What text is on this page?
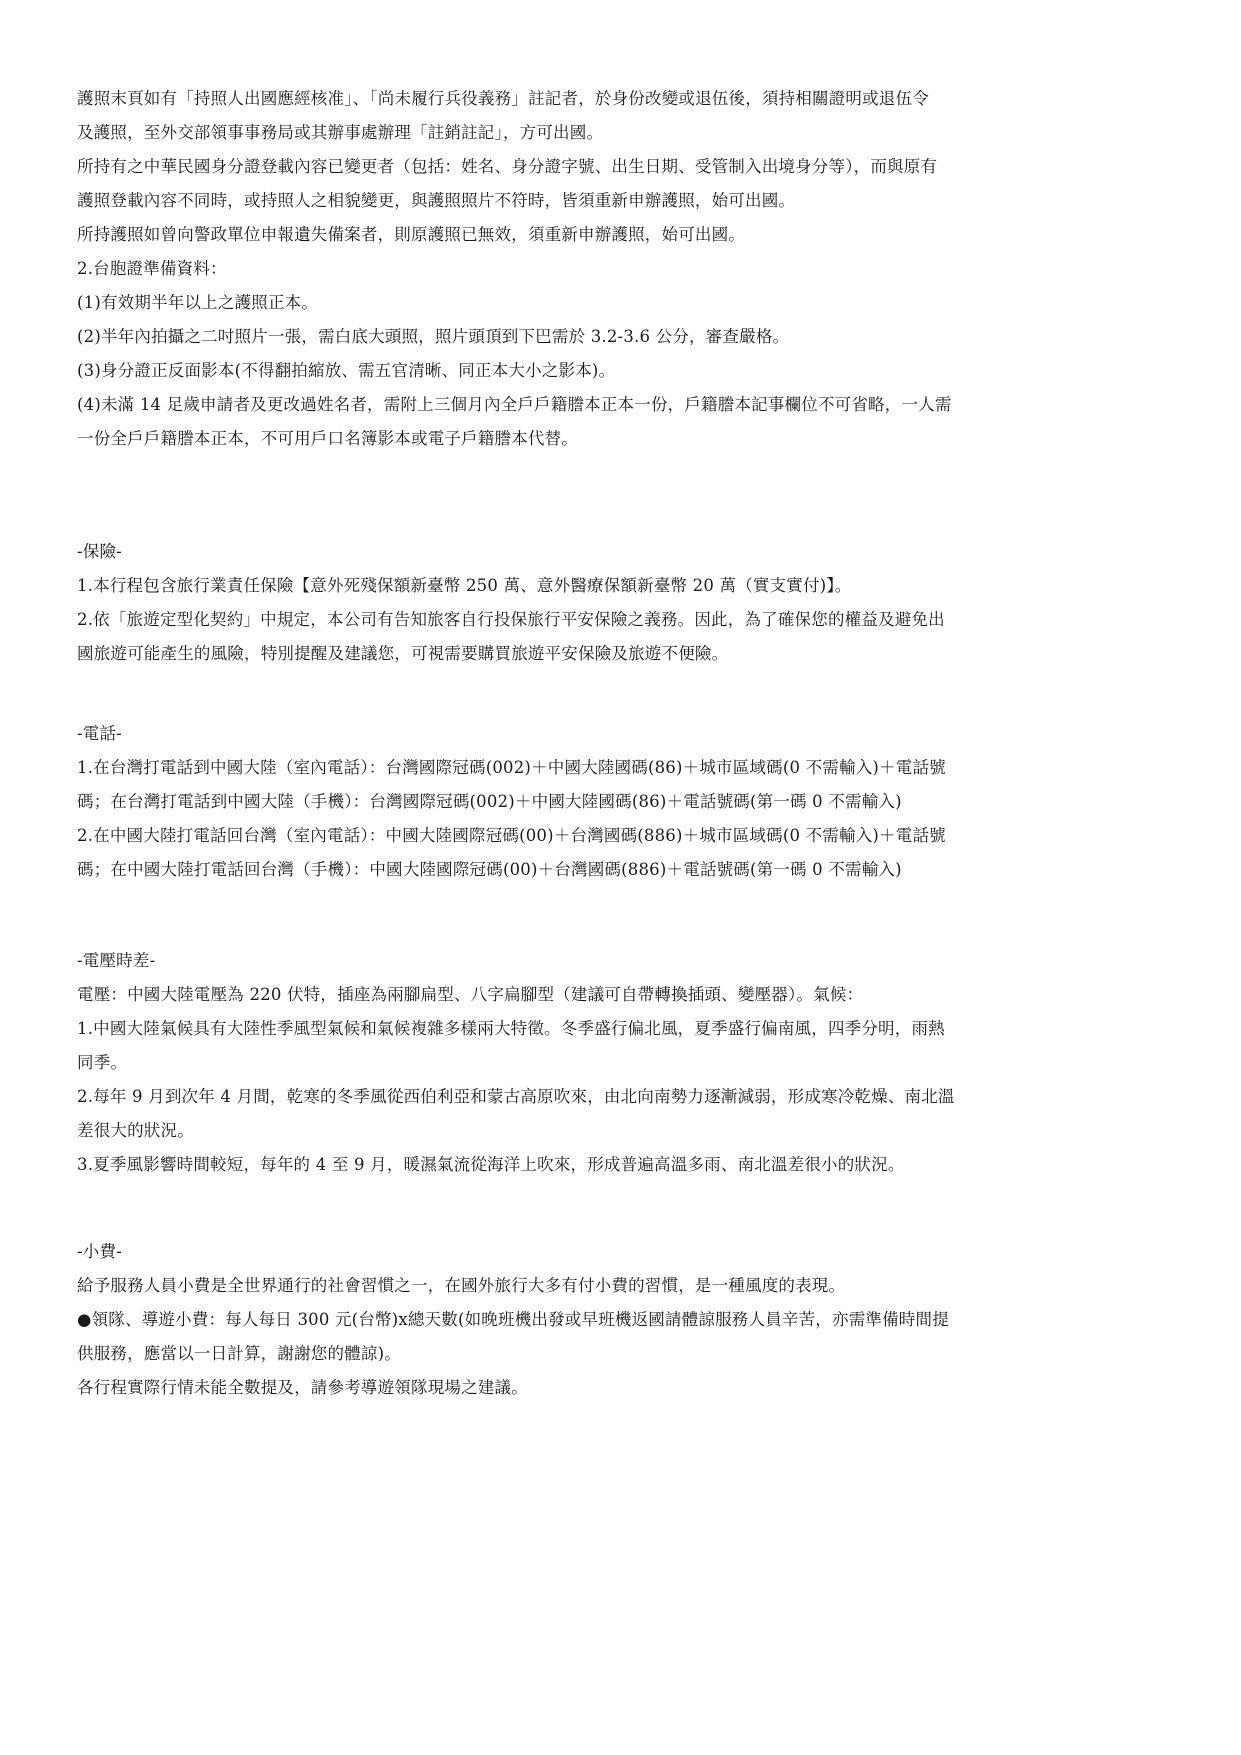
護照末頁如有「持照人出國應經核准」、「尚未履行兵役義務」註記者，於身份改變或退伍後，須持相關證明或退伍令
及護照，至外交部領事事務局或其辦事處辦理「註銷註記」，方可出國。
所持有之中華民國身分證登載內容已變更者（包括：姓名、身分證字號、出生日期、受管制入出境身分等），而與原有
護照登載內容不同時，或持照人之相貌變更，與護照照片不符時，皆須重新申辦護照，始可出國。
所持護照如曾向警政單位申報遺失備案者，則原護照已無效，須重新申辦護照，始可出國。
2.台胞證準備資料：
(1)有效期半年以上之護照正本。
(2)半年內拍攝之二吋照片一張，需白底大頭照，照片頭頂到下巴需於 3.2-3.6 公分，審查嚴格。
(3)身分證正反面影本(不得翻拍縮放、需五官清晰、同正本大小之影本)。
(4)未滿 14 足歲申請者及更改過姓名者，需附上三個月內全戶戶籍謄本正本一份，戶籍謄本記事欄位不可省略，一人需
一份全戶戶籍謄本正本，不可用戶口名簿影本或電子戶籍謄本代替。
-保險-
1.本行程包含旅行業責任保險【意外死殘保額新臺幣 250 萬、意外醫療保額新臺幣 20 萬（實支實付)】。
2.依「旅遊定型化契約」中規定，本公司有告知旅客自行投保旅行平安保險之義務。因此，為了確保您的權益及避免出
國旅遊可能產生的風險，特別提醒及建議您，可視需要購買旅遊平安保險及旅遊不便險。
-電話-
1.在台灣打電話到中國大陸（室內電話）：台灣國際冠碼(002)＋中國大陸國碼(86)＋城市區域碼(0 不需輸入)＋電話號
碼；在台灣打電話到中國大陸（手機）：台灣國際冠碼(002)＋中國大陸國碼(86)＋電話號碼(第一碼 0 不需輸入)
2.在中國大陸打電話回台灣（室內電話）：中國大陸國際冠碼(00)＋台灣國碼(886)＋城市區域碼(0 不需輸入)＋電話號
碼；在中國大陸打電話回台灣（手機）：中國大陸國際冠碼(00)＋台灣國碼(886)＋電話號碼(第一碼 0 不需輸入)
-電壓時差-
電壓：中國大陸電壓為 220 伏特，插座為兩腳扁型、八字扁腳型（建議可自帶轉換插頭、變壓器）。氣候：
1.中國大陸氣候具有大陸性季風型氣候和氣候複雜多樣兩大特徵。冬季盛行偏北風，夏季盛行偏南風，四季分明，雨熱
同季。
2.每年 9 月到次年 4 月間，乾寒的冬季風從西伯利亞和蒙古高原吹來，由北向南勢力逐漸減弱，形成寒冷乾燥、南北溫
差很大的狀況。
3.夏季風影響時間較短，每年的 4 至 9 月，暖濕氣流從海洋上吹來，形成普遍高溫多雨、南北溫差很小的狀況。
-小費-
給予服務人員小費是全世界通行的社會習慣之一，在國外旅行大多有付小費的習慣，是一種風度的表現。
●領隊、導遊小費：每人每日 300 元(台幣)x總天數(如晚班機出發或早班機返國請體諒服務人員辛苦，亦需準備時間提
供服務，應當以一日計算，謝謝您的體諒)。
各行程實際行情未能全數提及，請參考導遊領隊現場之建議。
